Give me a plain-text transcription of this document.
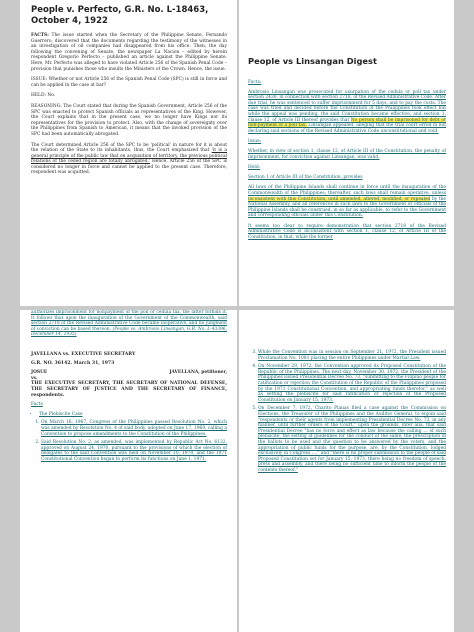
People v. Perfecto, G.R. No. L-18463, October 4, 1922

FACTS: The issue started when the Secretary of the Philippine Senate, Fernando Guerrero, discovered that the documents regarding the testimony of the witnesses in an investigation of oil companies had disappeared from his office. Then, the day following the convening of Senate, the newspaper La Nacion – edited by herein respondent Gregorio Perfecto – published an article against the Philippine Senate. Here, Mr. Perfecto was alleged to have violated Article 256 of the Spanish Penal Code – provision that punishes those who insults the Ministers of the Crown. Hence, the issue.

ISSUE: Whether or not Article 256 of the Spanish Penal Code (SPC) is still in force and can be applied in the case at bar?

HELD: No.

REASONING: The Court stated that during the Spanish Government, Article 256 of the SPC was enacted to protect Spanish officials as representatives of the King. However, the Court explains that in the present case, we no longer have Kings nor its representatives for the provision to protect. Also, with the change of sovereignty over the Philippines from Spanish to American, it means that the invoked provision of the SPC had been automatically abrogated.

The Court determined Article 256 of the SPC to be 'political' in nature for it is about the relation of the State to its inhabitants, thus, the Court emphasized that 'it is a general principle of the public law that on acquisition of territory, the previous political relations of the ceded region are totally abrogated.' Hence, Article 256 of the SPC is considered no longer in force and cannot be applied to the present case. Therefore, respondent was acquitted.

People vs Linsangan Digest

Facts:

Ambrosio Linsangan was prosecuted for usurpation of the cedula or poll tax under section 2430, in connection with section 2718, of the Revised Administrative Code. After due trial, he was sentenced to suffer imprisonment for 5 days, and to pay the costs. The case was tried and decided before the Constitution of the Philippines took effect but while the appeal was pending, the said Constitution became effective, and section 1, clause 12, of Article III thereof provides that No person shall be imprisoned for debt or non-payment of a poll tax. Linsangan appealed, alleging that the trial court erred in not declaring said sections of the Revised Administrative Code unconstitutional and void.

Issue:

Whether, in view of section 1, clause 12, of Article III of the Constitution, the penalty of imprisonment, for conviction against Linsangan, was valid.

Held:

Section 1 of Article III of the Constitution, provides

All laws of the Philippine Islands shall continue in force until the inauguration of the Commonwealth of the Philippines; thereafter, such laws shall remain operative, unless inconsistent with this Constitution, until amended, altered, modified, or repealed by the National Assembly, and all references in such laws to the Government or officials of the Philippine Islands shall be construed, in so far as applicable, to refer to the Government and corresponding officials under this Constitution.

It seems too clear to require demonstration that section 2718 of the Revised Administrative Code is inconsistent with section 1, clause 12, of Article III of the Constitution, in that, while the former

authorizes imprisonment for nonpayment of the poll or cedula tax, the latter forbids it. It follows that upon the inauguration of the Government of the Commonwealth, said section 2718 of the Revised Administrative Code became inoperative, and no judgment of conviction can be based thereon. (People vs. Ambrosio Linsangan, G.R. No. L-43396, December 14, 1935)

JAVELLANA vs. EXECUTIVE SECRETARY

G.R. NO. 36142. March 31, 1973

JOSUE	JAVELLANA, petitioner,

vs.

THE EXECUTIVE SECRETARY, THE SECRETARY OF NATIONAL DEFENSE, THE SECRETARY OF JUSTICE AND THE SECRETARY OF FINANCE, respondents.

Facts

• The Plebiscite Case
1. On March 16, 1967, Congress of the Philippines passed Resolution No. 2, which was amended by Resolution No. 4 of said body, adopted on June 17, 1969, calling a Convention to propose amendments to the Constitution of the Philippines.
2. Said Resolution No. 2, as amended, was implemented by Republic Act No. 6132, approved on August 24, 1970, pursuant to the provisions of which the election of delegates to the said Convention was held on November 10, 1970, and the 1971 Constitutional Convention began to perform its functions on June 1, 1971.
3. While the Convention was in session on September 21, 1972, the President issued Proclamation No. 1081 placing the entire Philippines under Martial Law.
4. On November 29, 1972, the Convention approved its Proposed Constitution of the Republic of the Philippines. The next day, November 30, 1972, the President of the Philippines issued Presidential Decree No. 73, "submitting to the Filipino people for ratification or rejection the Constitution of the Republic of the Philippines proposed by the 1971 Constitutional Convention, and appropriating funds therefor," as well as setting the plebiscite for said ratification or rejection of the Proposed Constitution on January 15, 1973.
5. On December 7, 1972, Charito Planas filed a case against the Commission on Elections, the Treasurer of the Philippines and the Auditor General, to enjoin said "respondents or their agents from implementing Presidential Decree No. 73, in any manner, until further orders of the Court," upon the grounds, inter alia, that said Presidential Decree "has no force and effect as law because the calling ... of such plebiscite, the setting of guidelines for the conduct of the same, the prescription of the ballots to be used and the question to be answered by the voters, and the appropriation of public funds for the purpose, are, by the Constitution, lodged exclusively in Congress ...," and "there is no proper submission to the people of said Proposed Constitution set for January 15, 1973, there being no freedom of speech, press and assembly, and there being no sufficient time to inform the people of the contents thereof."
